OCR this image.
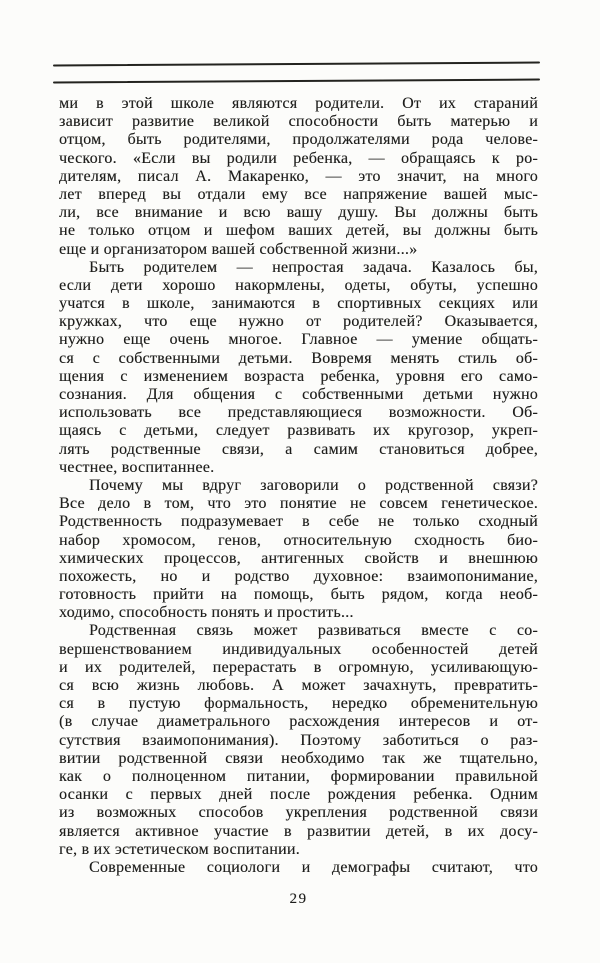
ми в этой школе являются родители. От их стараний
зависит развитие великой способности быть матерью и
отцом, быть родителями, продолжателями рода челове-
ческого. «Если вы родили ребенка, — обращаясь к ро-
дителям, писал А. Макаренко, — это значит, на много
лет вперед вы отдали ему все напряжение вашей мыс-
ли, все внимание и всю вашу душу. Вы должны быть
не только отцом и шефом ваших детей, вы должны быть
еще и организатором вашей собственной жизни...»
Быть родителем — непростая задача. Казалось бы,
если дети хорошо накормлены, одеты, обуты, успешно
учатся в школе, занимаются в спортивных секциях или
кружках, что еще нужно от родителей? Оказывается,
нужно еще очень многое. Главное — умение общать-
ся с собственными детьми. Вовремя менять стиль об-
щения с изменением возраста ребенка, уровня его само-
сознания. Для общения с собственными детьми нужно
использовать все представляющиеся возможности. Об-
щаясь с детьми, следует развивать их кругозор, укреп-
лять родственные связи, а самим становиться добрее,
честнее, воспитаннее.
Почему мы вдруг заговорили о родственной связи?
Все дело в том, что это понятие не совсем генетическое.
Родственность подразумевает в себе не только сходный
набор хромосом, генов, относительную сходность био-
химических процессов, антигенных свойств и внешнюю
похожесть, но и родство духовное: взаимопонимание,
готовность прийти на помощь, быть рядом, когда необ-
ходимо, способность понять и простить...
Родственная связь может развиваться вместе с со-
вершенствованием индивидуальных особенностей детей
и их родителей, перерастать в огромную, усиливающую-
ся всю жизнь любовь. А может зачахнуть, превратить-
ся в пустую формальность, нередко обременительную
(в случае диаметрального расхождения интересов и от-
сутствия взаимопонимания). Поэтому заботиться о раз-
витии родственной связи необходимо так же тщательно,
как о полноценном питании, формировании правильной
осанки с первых дней после рождения ребенка. Одним
из возможных способов укрепления родственной связи
является активное участие в развитии детей, в их досу-
ге, в их эстетическом воспитании.
Современные социологи и демографы считают, что
29
